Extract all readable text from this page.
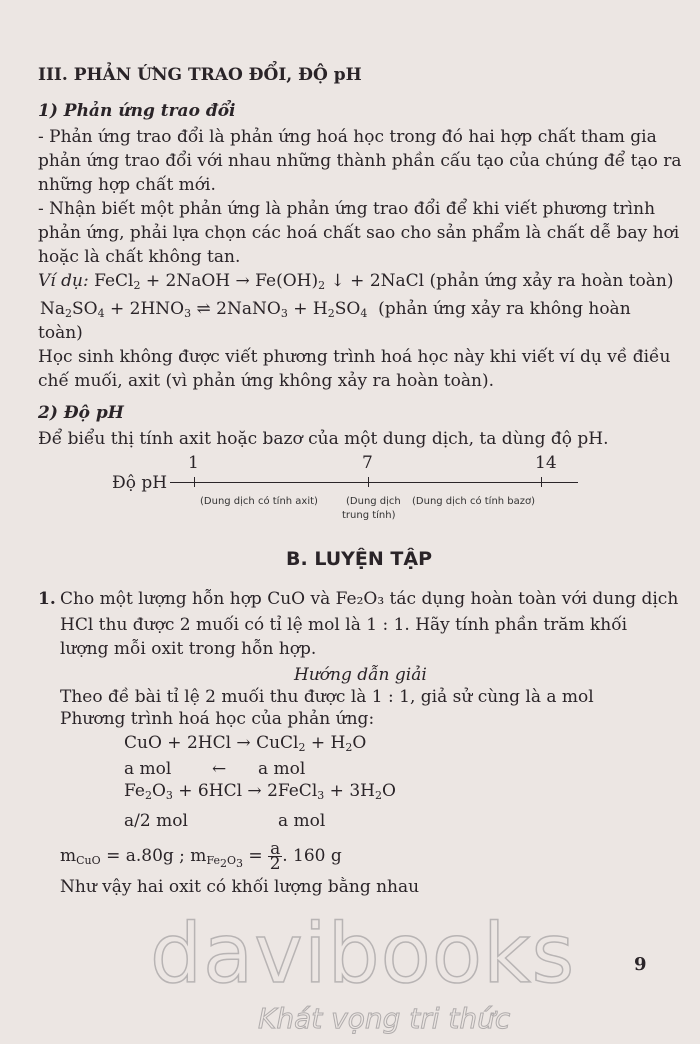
III. PHẢN ỨNG TRAO ĐỔI, ĐỘ pH
1) Phản ứng trao đổi
- Phản ứng trao đổi là phản ứng hoá học trong đó hai hợp chất tham gia
phản ứng trao đổi với nhau những thành phần cấu tạo của chúng để tạo ra
những hợp chất mới.
- Nhận biết một phản ứng là phản ứng trao đổi để khi viết phương trình
phản ứng, phải lựa chọn các hoá chất sao cho sản phẩm là chất dễ bay hơi
hoặc là chất không tan.
Ví dụ: FeCl$_2$ + 2NaOH → $Fe(OH)_2$ ↓ + 2NaCl (phản ứng xảy ra hoàn toàn)
$Na_2SO_4 + 2HNO_3$ ⇌ 2NaNO$_3$ + $H_2SO_4$ (phản ứng xảy ra không hoàn
toàn)
Học sinh không được viết phương trình hoá học này khi viết ví dụ về điều
chế muối, axit (vì phản ứng không xảy ra hoàn toàn).
2) Độ pH
Để biểu thị tính axit hoặc bazơ của một dung dịch, ta dùng độ pH.
1	7	14
Độ pH
(Dung dịch có tính axit)	(Dung dịch
trung tính)
(Dung dịch có tính bazơ)
B. LUYỆN TẬP
1. Cho một lượng hỗn hợp CuO và Fe₂O₃ tác dụng hoàn toàn với dung dịch
HCl thu được 2 muối có tỉ lệ mol là 1 : 1. Hãy tính phần trăm khối
lượng mỗi oxit trong hỗn hợp.
Hướng dẫn giải
Theo đề bài tỉ lệ 2 muối thu được là 1 : 1, giả sử cùng là a mol
Phương trình hoá học của phản ứng:
CuO + 2HCl → CuCl$_2$ + $H_2O$
a mol ← a mol
$Fe_2O_3 + 6HCl$ → 2FeCl$_3$ + $3H_2O$
a/2 mol	a mol
$m_{CuO} = a.80g$ ; $m_{Fe_2O_3} = \frac{a}{2}$ . 160 g
Như vậy hai oxit có khối lượng bằng nhau
9
davibooks
Khát vọng tri thức
